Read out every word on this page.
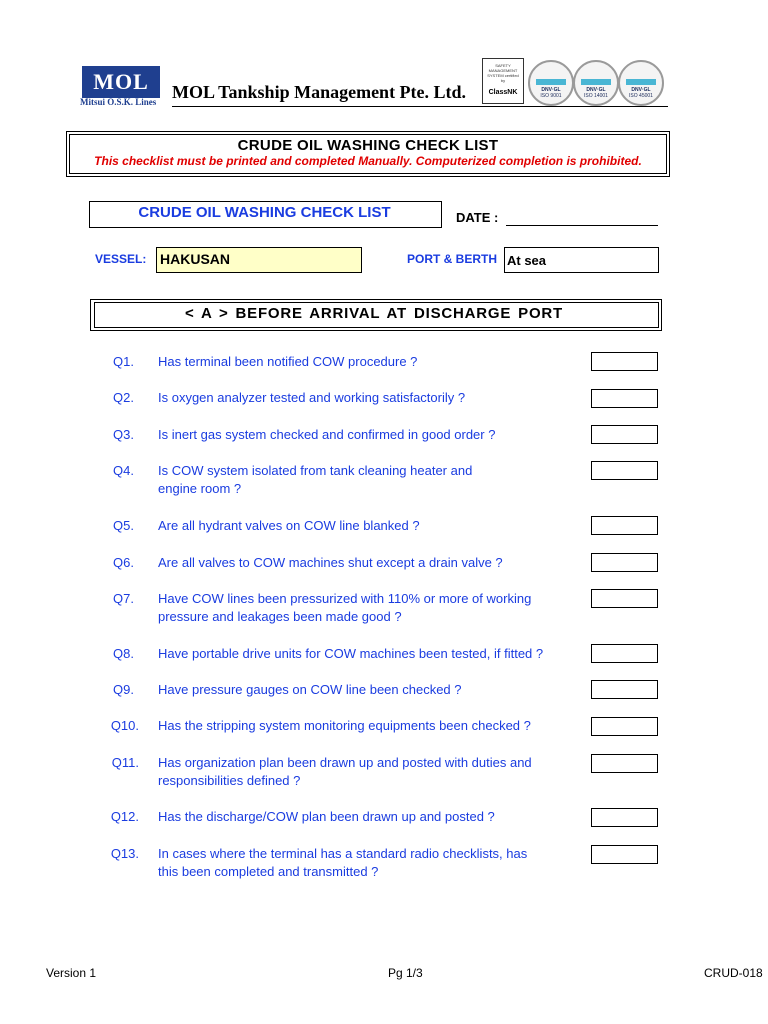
MOL
Mitsui O.S.K. Lines MOL Tankship Management Pte. Ltd.
SAFETY MANAGEMENT SYSTEM certified by
ClassNK	DNV·GL
ISO 9001
DNV·GL
ISO 14001
DNV·GL
ISO 45001
CRUDE OIL WASHING CHECK LIST
This checklist must be printed and completed Manually. Computerized completion is prohibited.
CRUDE OIL WASHING CHECK LIST	DATE :
VESSEL: HAKUSAN	PORT & BERTH At sea
< A > BEFORE ARRIVAL AT DISCHARGE PORT
Q1. Has terminal been notified COW procedure ?
Q2. Is oxygen analyzer tested and working satisfactorily ?
Q3. Is inert gas system checked and confirmed in good order ?
Q4. Is COW system isolated from tank cleaning heater and
engine room ?
Q5. Are all hydrant valves on COW line blanked ?
Q6. Are all valves to COW machines shut except a drain valve ?
Q7. Have COW lines been pressurized with 110% or more of working
pressure and leakages been made good ?
Q8. Have portable drive units for COW machines been tested, if fitted ?
Q9. Have pressure gauges on COW line been checked ?
Q10. Has the stripping system monitoring equipments been checked ?
Q11. Has organization plan been drawn up and posted with duties and
responsibilities defined ?
Q12. Has the discharge/COW plan been drawn up and posted ?
Q13. In cases where the terminal has a standard radio checklists, has
this been completed and transmitted ?
Version 1	Pg 1/3	CRUD-018
